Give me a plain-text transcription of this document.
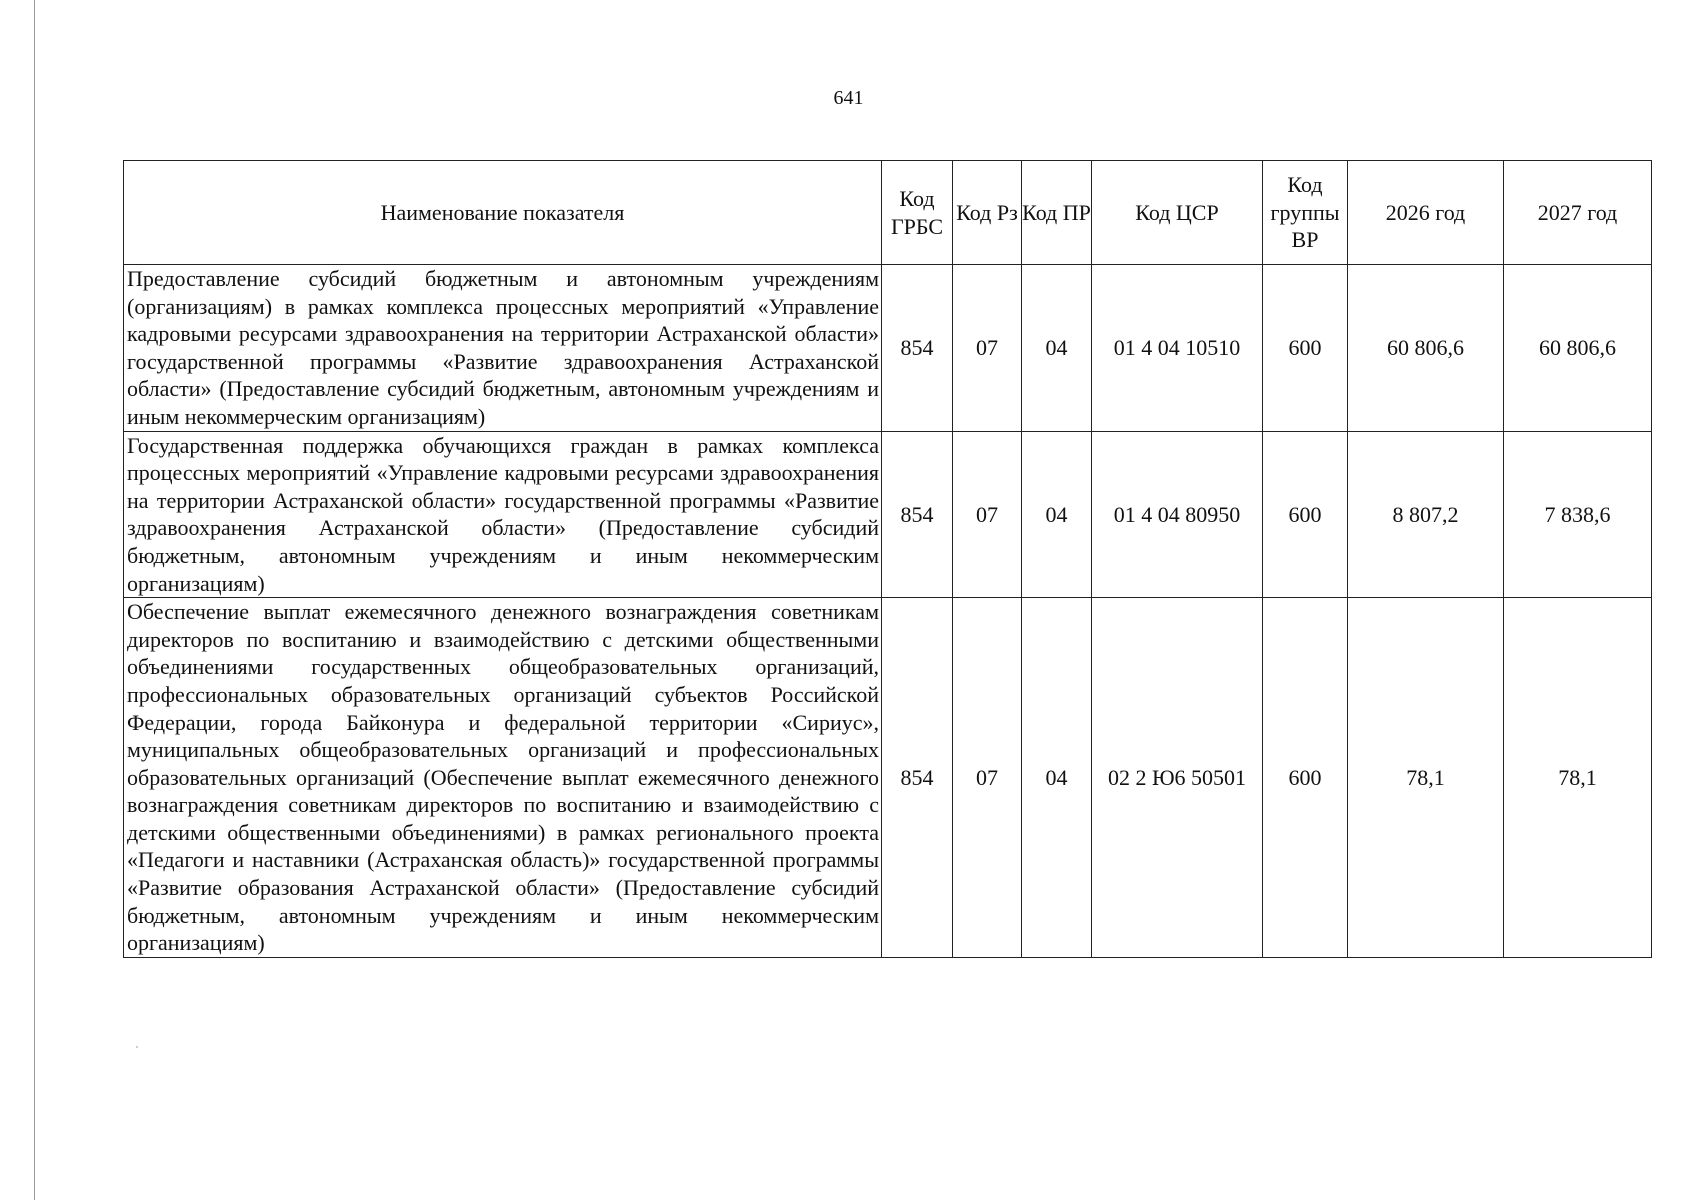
641
Наименование показателя	Код ГРБС	Код Рз	Код ПР	Код ЦСР	Код группы ВР	2026 год	2027 год
Предоставление субсидий бюджетным и автономным учреждениям (организациям) в рамках комплекса процессных мероприятий «Управление кадровыми ресурсами здравоохранения на территории Астраханской области» государственной программы «Развитие здравоохранения Астраханской области» (Предоставление субсидий бюджетным, автономным учреждениям и иным некоммерческим организациям)	854	07	04	01 4 04 10510	600	60 806,6	60 806,6
Государственная поддержка обучающихся граждан в рамках комплекса процессных мероприятий «Управление кадровыми ресурсами здравоохранения на территории Астраханской области» государственной программы «Развитие здравоохранения Астраханской области» (Предоставление субсидий бюджетным, автономным учреждениям и иным некоммерческим организациям)	854	07	04	01 4 04 80950	600	8 807,2	7 838,6
Обеспечение выплат ежемесячного денежного вознаграждения советникам директоров по воспитанию и взаимодействию с детскими общественными объединениями государственных общеобразовательных организаций, профессиональных образовательных организаций субъектов Российской Федерации, города Байконура и федеральной территории «Сириус», муниципальных общеобразовательных организаций и профессиональных образовательных организаций (Обеспечение выплат ежемесячного денежного вознаграждения советникам директоров по воспитанию и взаимодействию с детскими общественными объединениями) в рамках регионального проекта «Педагоги и наставники (Астраханская область)» государственной программы «Развитие образования Астраханской области» (Предоставление субсидий бюджетным, автономным учреждениям и иным некоммерческим организациям)	854	07	04	02 2 Ю6 50501	600	78,1	78,1
